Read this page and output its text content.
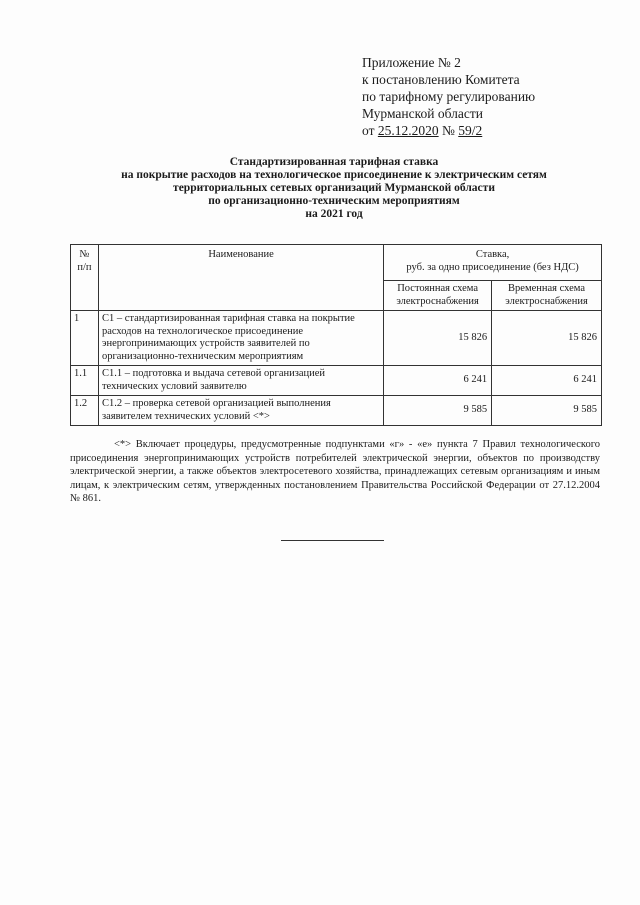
Приложение № 2
к постановлению Комитета
по тарифному регулированию
Мурманской области
от 25.12.2020 № 59/2
Стандартизированная тарифная ставка
на покрытие расходов на технологическое присоединение к электрическим сетям
территориальных сетевых организаций Мурманской области
по организационно-техническим мероприятиям
на 2021 год
№ п/п	Наименование	Ставка,
руб. за одно присоединение (без НДС)	

		Постоянная схема электроснабжения	Временная схема электроснабжения
1	С1 – стандартизированная тарифная ставка на покрытие расходов на технологическое присоединение энергопринимающих устройств заявителей по организационно-техническим мероприятиям	15 826	15 826
1.1	С1.1 – подготовка и выдача сетевой организацией технических условий заявителю	6 241	6 241
1.2	С1.2 – проверка сетевой организацией выполнения заявителем технических условий <*>	9 585	9 585

<*> Включает процедуры, предусмотренные подпунктами «г» - «е» пункта 7 Правил технологического присоединения энергопринимающих устройств потребителей электрической энергии, объектов по производству электрической энергии, а также объектов электросетевого хозяйства, принадлежащих сетевым организациям и иным лицам, к электрическим сетям, утвержденных постановлением Правительства Российской Федерации от 27.12.2004 № 861.
